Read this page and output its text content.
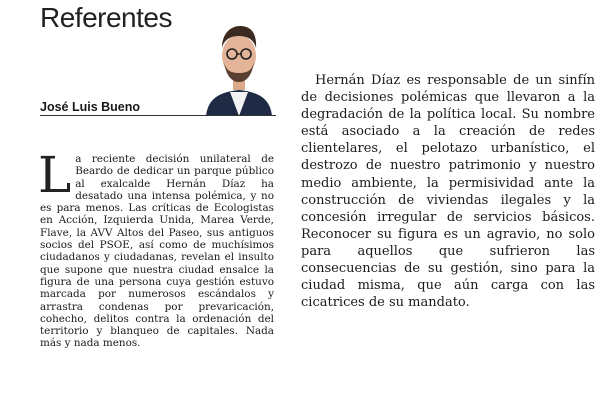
Referentes
José Luis Bueno
L a reciente decisión unilateral de Beardo de dedicar un parque público al exalcalde Hernán Díaz ha desatado una intensa polémica, y no es para menos. Las críticas de Ecologistas en Acción, Izquierda Unida, Marea Verde, Flave, la AVV Altos del Paseo, sus antiguos socios del PSOE, así como de muchísimos ciudadanos y ciudadanas, revelan el insulto que supone que nuestra ciudad ensalce la figura de una persona cuya gestión estuvo marcada por numerosos escándalos y arrastra condenas por prevaricación, cohecho, delitos contra la ordenación del territorio y blanqueo de capitales. Nada más y nada menos.

Hernán Díaz es responsable de un sinfín de decisiones polémicas que llevaron a la degradación de la política local. Su nombre está asociado a la creación de redes clientelares, el pelotazo urbanístico, el destrozo de nuestro patrimonio y nuestro medio ambiente, la permisividad ante la construcción de viviendas ilegales y la concesión irregular de servicios básicos. Reconocer su figura es un agravio, no solo para aquellos que sufrieron las consecuencias de su gestión, sino para la ciudad misma, que aún carga con las cicatrices de su mandato.
